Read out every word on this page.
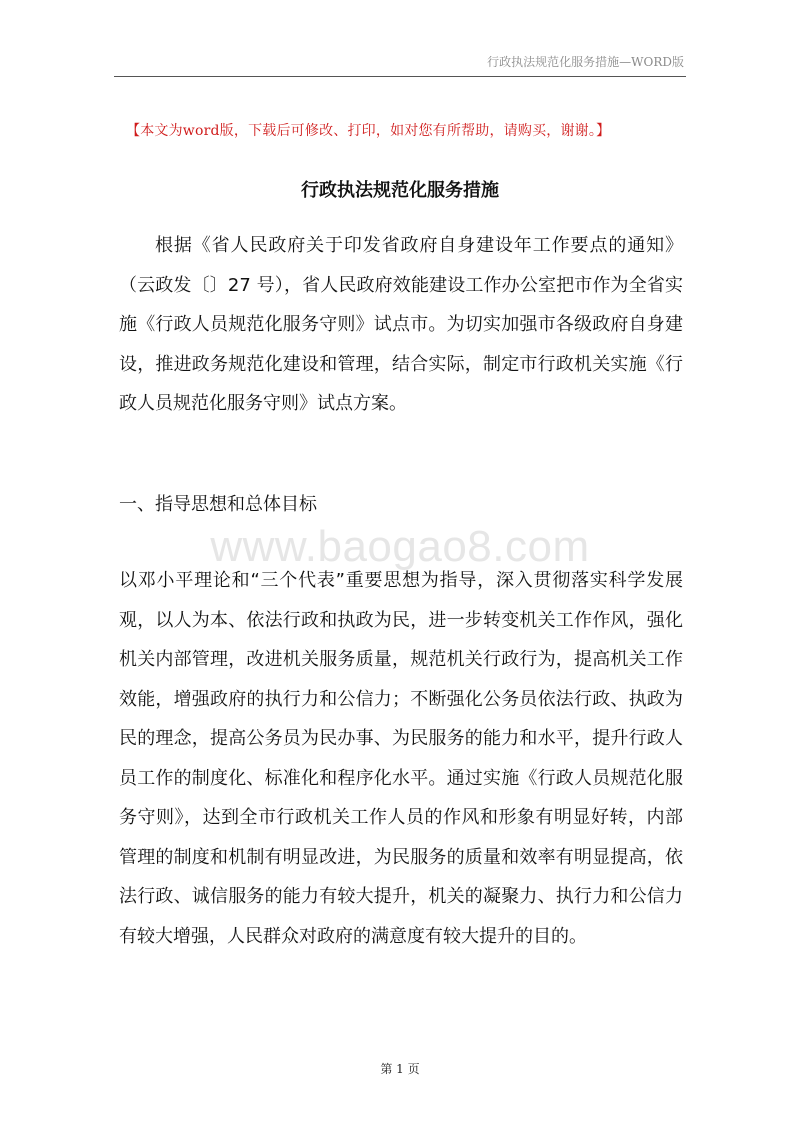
行政执法规范化服务措施—WORD版
【本文为word版，下载后可修改、打印，如对您有所帮助，请购买，谢谢。】
行政执法规范化服务措施

根据《省人民政府关于印发省政府自身建设年工作要点的通知》（云政发〔〕27 号），省人民政府效能建设工作办公室把市作为全省实施《行政人员规范化服务守则》试点市。为切实加强市各级政府自身建设，推进政务规范化建设和管理，结合实际，制定市行政机关实施《行政人员规范化服务守则》试点方案。

一、指导思想和总体目标
www.baogao8.com

以邓小平理论和“三个代表”重要思想为指导，深入贯彻落实科学发展观，以人为本、依法行政和执政为民，进一步转变机关工作作风，强化机关内部管理，改进机关服务质量，规范机关行政行为，提高机关工作效能，增强政府的执行力和公信力；不断强化公务员依法行政、执政为民的理念，提高公务员为民办事、为民服务的能力和水平，提升行政人员工作的制度化、标准化和程序化水平。通过实施《行政人员规范化服务守则》，达到全市行政机关工作人员的作风和形象有明显好转，内部管理的制度和机制有明显改进，为民服务的质量和效率有明显提高，依法行政、诚信服务的能力有较大提升，机关的凝聚力、执行力和公信力有较大增强，人民群众对政府的满意度有较大提升的目的。

第 1 页
